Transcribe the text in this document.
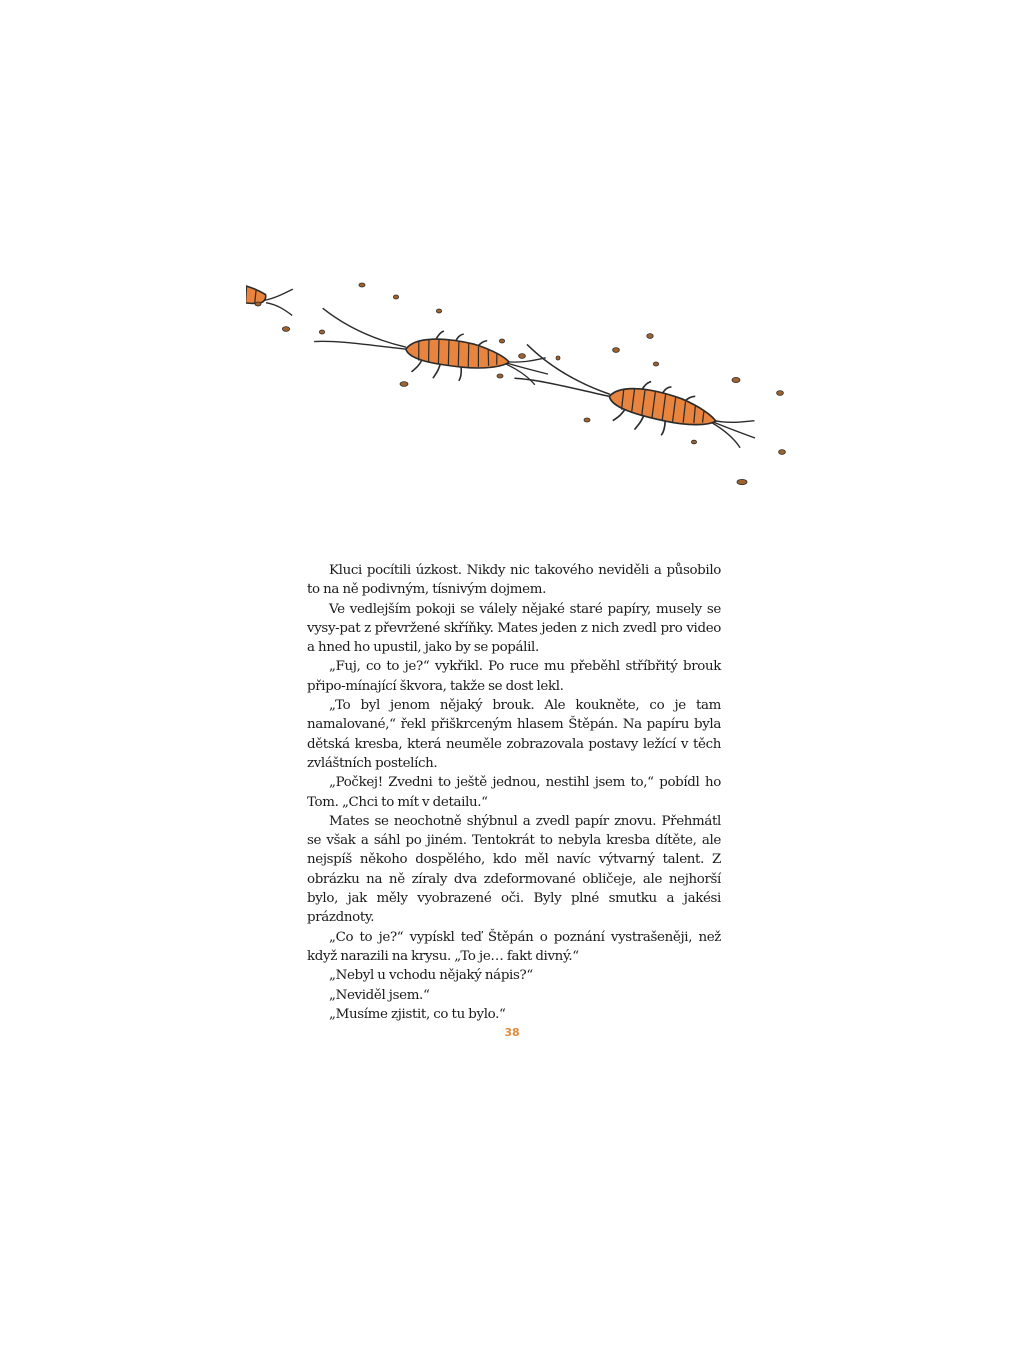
Kluci pocítili úzkost. Nikdy nic takového neviděli a působilo to na ně podivným, tísnivým dojmem.

Ve vedlejším pokoji se válely nějaké staré papíry, musely se vysy-pat z převržené skříňky. Mates jeden z nich zvedl pro video a hned ho upustil, jako by se popálil.

„Fuj, co to je?“ vykřikl. Po ruce mu přeběhl stříbřitý brouk připo-mínající škvora, takže se dost lekl.

„To byl jenom nějaký brouk. Ale koukněte, co je tam namalované,“ řekl přiškrceným hlasem Štěpán. Na papíru byla dětská kresba, která neuměle zobrazovala postavy ležící v těch zvláštních postelích.

„Počkej! Zvedni to ještě jednou, nestihl jsem to,“ pobídl ho Tom. „Chci to mít v detailu.“

Mates se neochotně shýbnul a zvedl papír znovu. Přehmátl se však a sáhl po jiném. Tentokrát to nebyla kresba dítěte, ale nejspíš někoho dospělého, kdo měl navíc výtvarný talent. Z obrázku na ně zíraly dva zdeformované obličeje, ale nejhorší bylo, jak měly vyobrazené oči. Byly plné smutku a jakési prázdnoty.

„Co to je?“ vypískl teď Štěpán o poznání vystrašeněji, než když narazili na krysu. „To je… fakt divný.“

„Nebyl u vchodu nějaký nápis?“

„Neviděl jsem.“

„Musíme zjistit, co tu bylo.“

38
